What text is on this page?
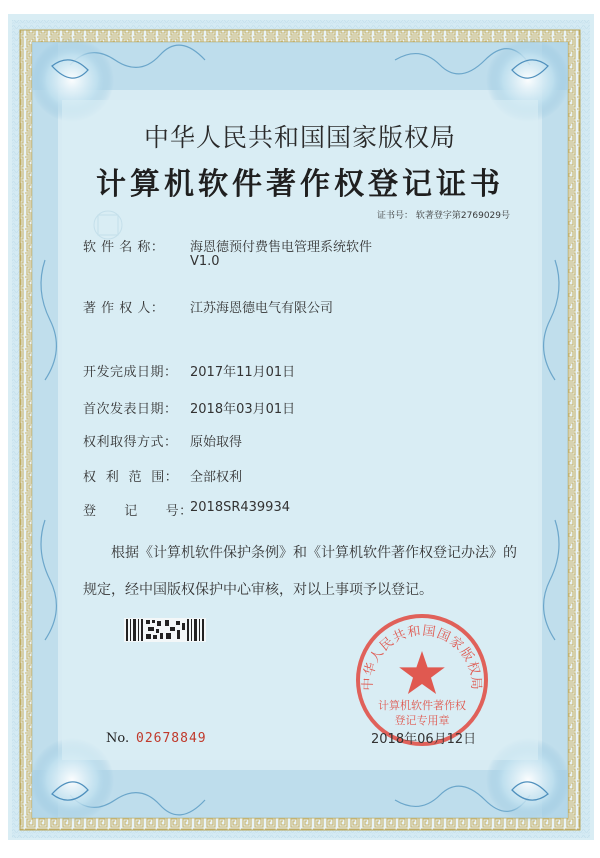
中华人民共和国国家版权局
计算机软件著作权登记证书
证书号： 软著登字第2769029号
软 件 名 称： 海恩德预付费售电管理系统软件
V1.0
著 作 权 人： 江苏海恩德电气有限公司
开发完成日期： 2017年11月01日
首次发表日期： 2018年03月01日
权利取得方式： 原始取得
权  利  范  围： 全部权利
登      记      号：
2018SR439934
根据《计算机软件保护条例》和《计算机软件著作权登记办法》的
规定，经中国版权保护中心审核，对以上事项予以登记。
中华人民共和国国家版权局
计算机软件著作权
登记专用章
No. 02678849	2018年06月12日
